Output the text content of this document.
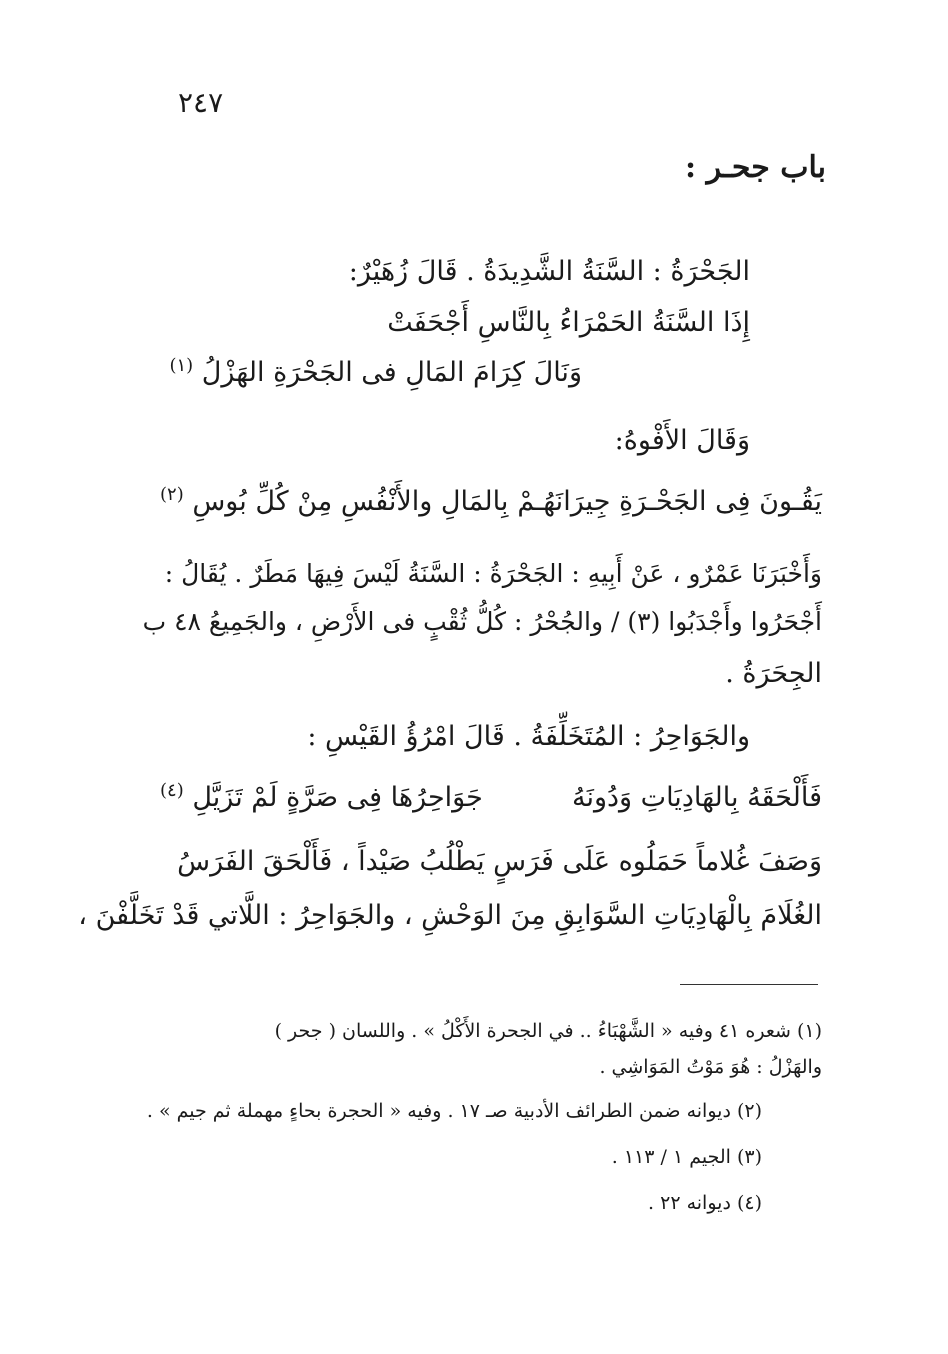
٢٤٧
باب جحـر :
الجَحْرَةُ : السَّنَةُ الشَّدِيدَةُ . قَالَ زُهَيْرٌ:
إِذَا السَّنَةُ الحَمْرَاءُ بِالنَّاسِ أَجْحَفَتْ
وَنَالَ كِرَامَ المَالِ فى الجَحْرَةِ الهَزْلُ $^{(١)}$
وَقَالَ الأَفْوهُ:
يَقُـونَ فِى الجَحْـرَةِ جِيرَانَهُـمْ
بِالمَالِ والأَنْفُسِ مِنْ كُلِّ بُوسِ $^{(٢)}$
وَأَخْبَرَنَا عَمْرٌو ، عَنْ أَبِيهِ : الجَحْرَةُ : السَّنَةُ لَيْسَ فِيهَا مَطَرٌ . يُقَالُ :
أَجْحَرُوا وأَجْدَبُوا (٣) / والجُحْرُ : كُلُّ ثُقْبٍ فى الأَرْضِ ، والجَمِيعُ ٤٨ ب
الجِحَرَةُ .
والجَوَاحِرُ : المُتَخَلِّفَةُ . قَالَ امْرُؤُ القَيْسِ :
فَأَلْحَقَهُ بِالهَادِيَاتِ وَدُونَهُ
جَوَاحِرُهَا فِى صَرَّةٍ لَمْ تَزَيَّلِ $^{(٤)}$
وَصَفَ غُلاماً حَمَلُوه عَلَى فَرَسٍ يَطْلُبُ صَيْداً ، فَأَلْحَقَ الفَرَسُ
الغُلَامَ بِالْهَادِيَاتِ السَّوَابِقِ مِنَ الوَحْشِ ، والجَوَاحِرُ : اللَّاتي قَدْ تَخَلَّفْنَ ،
(١) شعره ٤١ وفيه « الشَّهْبَاءُ .. في الجحرة الأَكْلُ » . واللسان ( جحر )
والهَزْلُ : هُوَ مَوْتُ المَوَاشِي .
(٢) ديوانه ضمن الطرائف الأدبية صـ ١٧ . وفيه « الحجرة بحاءٍ مهملة ثم جيم » .
(٣) الجيم ١ / ١١٣ .
(٤) ديوانه ٢٢ .
